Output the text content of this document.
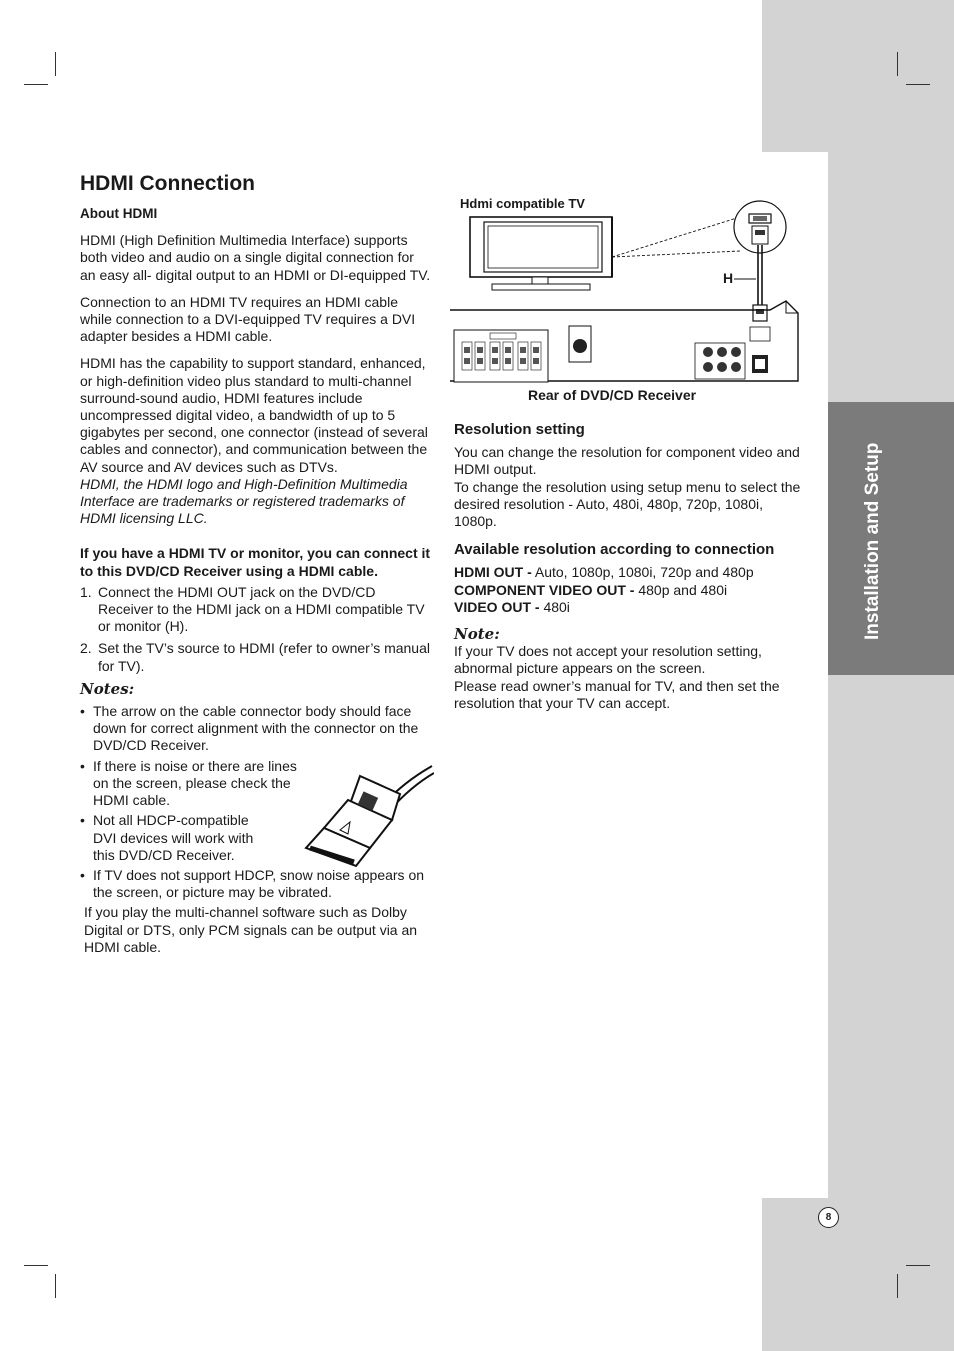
Installation and Setup
8
HDMI Connection

About HDMI

HDMI (High Definition Multimedia Interface) supports both video and audio on a single digital connection for an easy all- digital output to an HDMI or DI-equipped TV.

Connection to an HDMI TV requires an HDMI cable while connection to a DVI-equipped TV requires a DVI adapter besides a HDMI cable.

HDMI has the capability to support standard, enhanced, or high-definition video plus standard to multi-channel surround-sound audio, HDMI features include uncompressed digital video, a bandwidth of up to 5 gigabytes per second, one connector (instead of several cables and connector), and communication between the AV source and AV devices such as DTVs.

HDMI, the HDMI logo and High-Definition Multimedia Interface are trademarks or registered trademarks of HDMI licensing LLC.

If you have a HDMI TV or monitor, you can connect it to this DVD/CD Receiver using a HDMI cable.

1. Connect the HDMI OUT jack on the DVD/CD Receiver to the HDMI jack on a HDMI compatible TV or monitor (H).
2. Set the TV’s source to HDMI (refer to owner’s manual for TV).

Notes:

• The arrow on the cable connector body should face down for correct alignment with the connector on the DVD/CD Receiver.
• If there is noise or there are lines on the screen, please check the HDMI cable.
• Not all HDCP-compatible DVI devices will work with this DVD/CD Receiver.
• If TV does not support HDCP, snow noise appears on the screen, or picture may be vibrated.

If you play the multi-channel software such as Dolby Digital or DTS, only PCM signals can be output via an HDMI cable.

Hdmi compatible TV
H
Rear of DVD/CD Receiver

Resolution setting

You can change the resolution for component video and HDMI output.

To change the resolution using setup menu to select the desired resolution - Auto, 480i, 480p, 720p, 1080i, 1080p.

Available resolution according to connection

HDMI OUT - Auto, 1080p, 1080i, 720p and 480p

COMPONENT VIDEO OUT - 480p and 480i

VIDEO OUT - 480i

Note:

If your TV does not accept your resolution setting, abnormal picture appears on the screen.

Please read owner’s manual for TV, and then set the resolution that your TV can accept.
